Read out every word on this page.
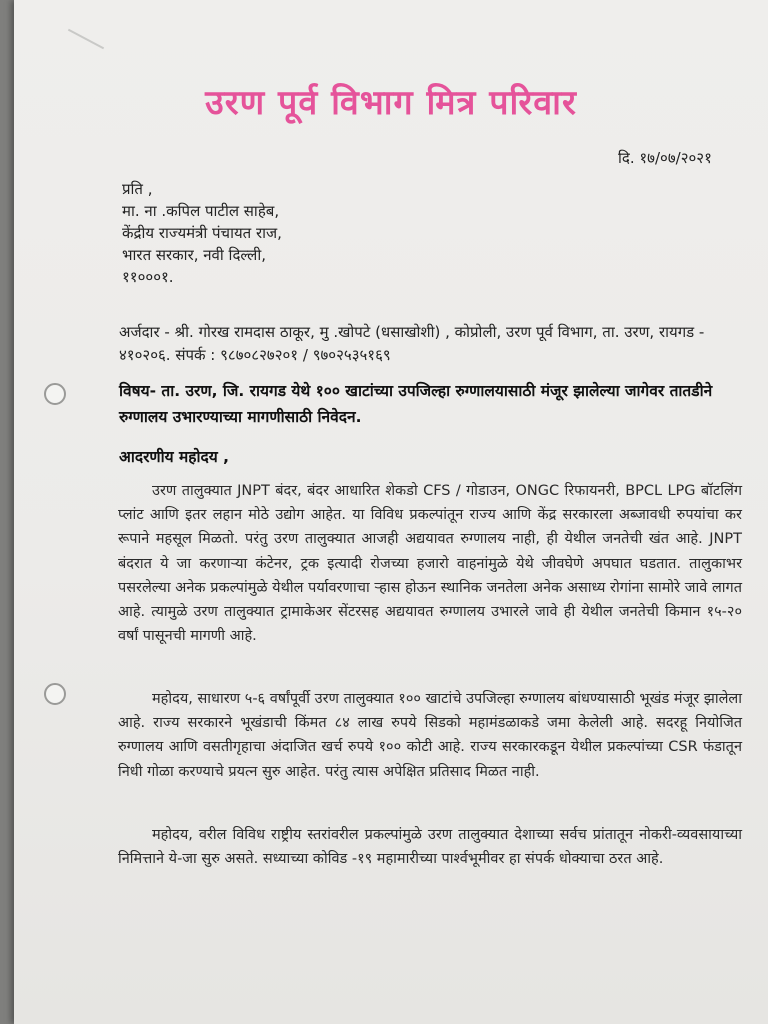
उरण पूर्व विभाग मित्र परिवार
दि. १७/०७/२०२१
प्रति ,
मा. ना .कपिल पाटील साहेब,
केंद्रीय राज्यमंत्री पंचायत राज,
भारत सरकार, नवी दिल्ली,
११०००१.
अर्जदार - श्री. गोरख रामदास ठाकूर, मु .खोपटे (धसाखोशी) , कोप्रोली, उरण पूर्व विभाग, ता. उरण, रायगड - ४१०२०६. संपर्क : ९८७०८२७२०१ / ९७०२५३५१६९
विषय- ता. उरण, जि. रायगड येथे १०० खाटांच्या उपजिल्हा रुग्णालयासाठी मंजूर झालेल्या जागेवर तातडीने रुग्णालय उभारण्याच्या मागणीसाठी निवेदन.
आदरणीय महोदय ,
उरण तालुक्यात JNPT बंदर, बंदर आधारित शेकडो CFS / गोडाउन, ONGC रिफायनरी, BPCL LPG बॉटलिंग प्लांट आणि इतर लहान मोठे उद्योग आहेत. या विविध प्रकल्पांतून राज्य आणि केंद्र सरकारला अब्जावधी रुपयांचा कर रूपाने महसूल मिळतो. परंतु उरण तालुक्यात आजही अद्ययावत रुग्णालय नाही, ही येथील जनतेची खंत आहे. JNPT बंदरात ये जा करणाऱ्या कंटेनर, ट्रक इत्यादी रोजच्या हजारो वाहनांमुळे येथे जीवघेणे अपघात घडतात. तालुकाभर पसरलेल्या अनेक प्रकल्पांमुळे येथील पर्यावरणाचा ऱ्हास होऊन स्थानिक जनतेला अनेक असाध्य रोगांना सामोरे जावे लागत आहे. त्यामुळे उरण तालुक्यात ट्रामाकेअर सेंटरसह अद्ययावत रुग्णालय उभारले जावे ही येथील जनतेची किमान १५-२० वर्षां पासूनची मागणी आहे.
महोदय, साधारण ५-६ वर्षांपूर्वी उरण तालुक्यात १०० खाटांचे उपजिल्हा रुग्णालय बांधण्यासाठी भूखंड मंजूर झालेला आहे. राज्य सरकारने भूखंडाची किंमत ८४ लाख रुपये सिडको महामंडळाकडे जमा केलेली आहे. सदरहू नियोजित रुग्णालय आणि वसतीगृहाचा अंदाजित खर्च रुपये १०० कोटी आहे. राज्य सरकारकडून येथील प्रकल्पांच्या CSR फंडातून निधी गोळा करण्याचे प्रयत्न सुरु आहेत. परंतु त्यास अपेक्षित प्रतिसाद मिळत नाही.
महोदय, वरील विविध राष्ट्रीय स्तरांवरील प्रकल्पांमुळे उरण तालुक्यात देशाच्या सर्वच प्रांतातून नोकरी-व्यवसायाच्या निमित्ताने ये-जा सुरु असते. सध्याच्या कोविड -१९ महामारीच्या पार्श्वभूमीवर हा संपर्क धोक्याचा ठरत आहे.
